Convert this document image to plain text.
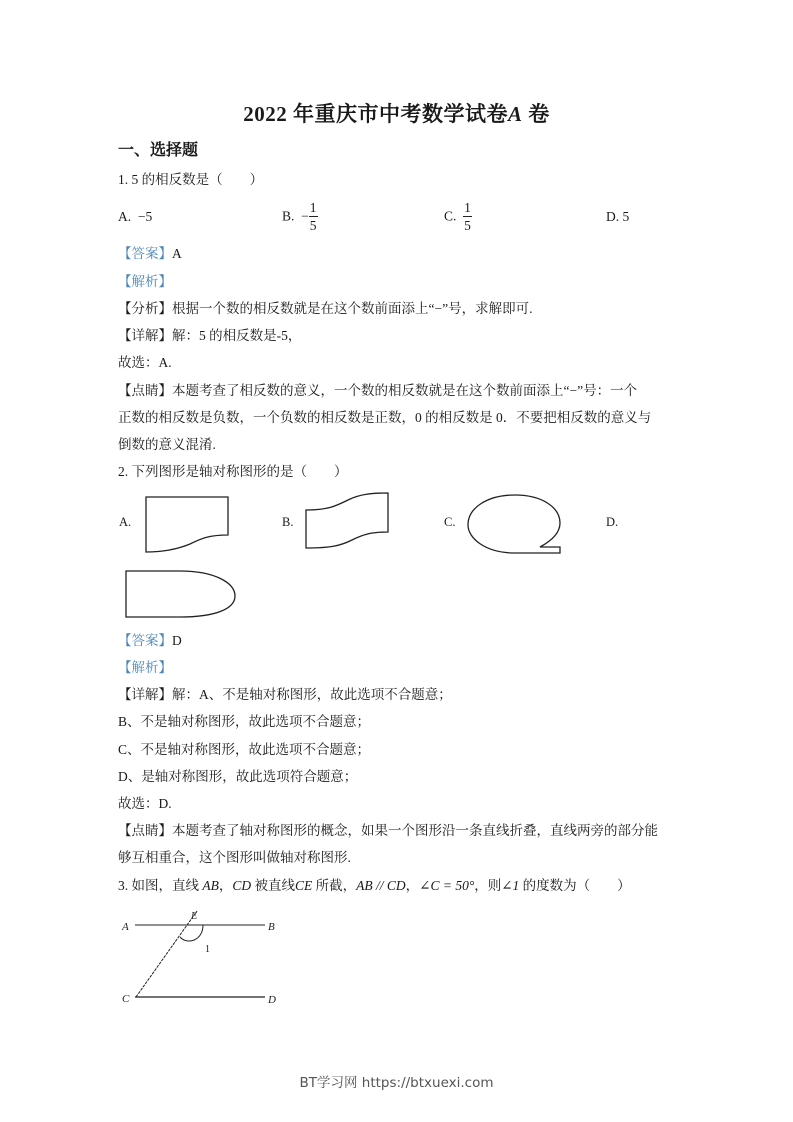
2022 年重庆市中考数学试卷A 卷
一、选择题
1. 5 的相反数是（　　）
A. −5	B. − $\frac{1}{5}$	C. $\frac{1}{5}$	D. 5
【答案】A
【解析】
【分析】根据一个数的相反数就是在这个数前面添上“−”号，求解即可.
【详解】解：5 的相反数是-5，
故选：A.
【点睛】本题考查了相反数的意义，一个数的相反数就是在这个数前面添上“−”号：一个
正数的相反数是负数，一个负数的相反数是正数，0 的相反数是 0．不要把相反数的意义与
倒数的意义混淆.
2. 下列图形是轴对称图形的是（　　）
A.	B.	C.	D.
【答案】D
【解析】
【详解】解：A、不是轴对称图形，故此选项不合题意；
B、不是轴对称图形，故此选项不合题意；
C、不是轴对称图形，故此选项不合题意；
D、是轴对称图形，故此选项符合题意；
故选：D.
【点睛】本题考查了轴对称图形的概念，如果一个图形沿一条直线折叠，直线两旁的部分能
够互相重合，这个图形叫做轴对称图形.
3. 如图，直线 AB，CD 被直线CE 所截，AB // CD，∠C = 50°，则∠1 的度数为（　　）
A	B
C	D
E
1
BT学习网 https://btxuexi.com
